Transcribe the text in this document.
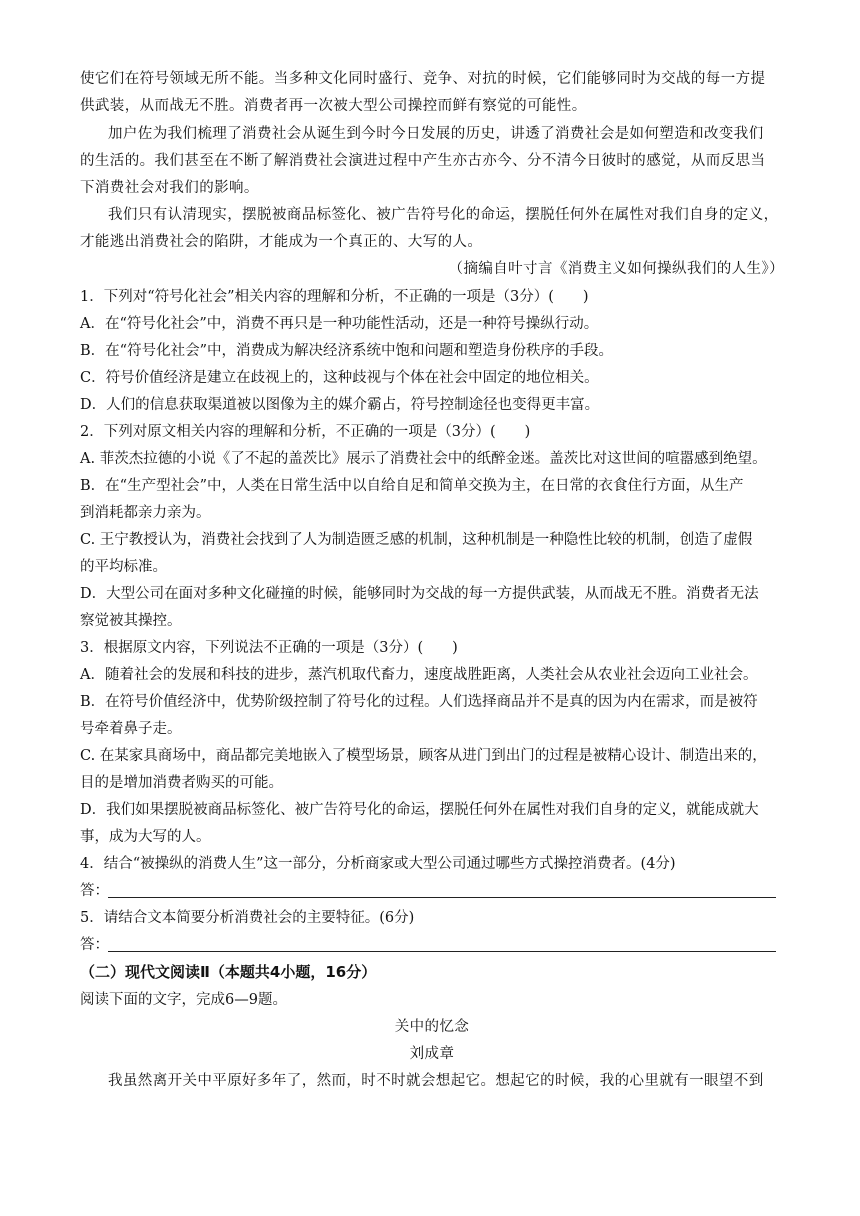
使它们在符号领域无所不能。当多种文化同时盛行、竞争、对抗的时候，它们能够同时为交战的每一方提
供武装，从而战无不胜。消费者再一次被大型公司操控而鲜有察觉的可能性。
加户佐为我们梳理了消费社会从诞生到今时今日发展的历史，讲透了消费社会是如何塑造和改变我们
的生活的。我们甚至在不断了解消费社会演进过程中产生亦古亦今、分不清今日彼时的感觉，从而反思当
下消费社会对我们的影响。
我们只有认清现实，摆脱被商品标签化、被广告符号化的命运，摆脱任何外在属性对我们自身的定义，
才能逃出消费社会的陷阱，才能成为一个真正的、大写的人。
（摘编自叶寸言《消费主义如何操纵我们的人生》）
1．下列对“符号化社会”相关内容的理解和分析，不正确的一项是（3分）(　　)
A．在“符号化社会”中，消费不再只是一种功能性活动，还是一种符号操纵行动。
B．在“符号化社会”中，消费成为解决经济系统中饱和问题和塑造身份秩序的手段。
C．符号价值经济是建立在歧视上的，这种歧视与个体在社会中固定的地位相关。
D．人们的信息获取渠道被以图像为主的媒介霸占，符号控制途径也变得更丰富。
2．下列对原文相关内容的理解和分析，不正确的一项是（3分）(　　)
A. 菲茨杰拉德的小说《了不起的盖茨比》展示了消费社会中的纸醉金迷。盖茨比对这世间的喧嚣感到绝望。
B．在“生产型社会”中，人类在日常生活中以自给自足和简单交换为主，在日常的衣食住行方面，从生产
到消耗都亲力亲为。
C. 王宁教授认为，消费社会找到了人为制造匮乏感的机制，这种机制是一种隐性比较的机制，创造了虚假
的平均标准。
D．大型公司在面对多种文化碰撞的时候，能够同时为交战的每一方提供武装，从而战无不胜。消费者无法
察觉被其操控。
3．根据原文内容，下列说法不正确的一项是（3分）(　　)
A．随着社会的发展和科技的进步，蒸汽机取代畜力，速度战胜距离，人类社会从农业社会迈向工业社会。
B．在符号价值经济中，优势阶级控制了符号化的过程。人们选择商品并不是真的因为内在需求，而是被符
号牵着鼻子走。
C. 在某家具商场中，商品都完美地嵌入了模型场景，顾客从进门到出门的过程是被精心设计、制造出来的，
目的是增加消费者购买的可能。
D．我们如果摆脱被商品标签化、被广告符号化的命运，摆脱任何外在属性对我们自身的定义，就能成就大
事，成为大写的人。
4．结合“被操纵的消费人生”这一部分，分析商家或大型公司通过哪些方式操控消费者。(4分)
答：
5．请结合文本简要分析消费社会的主要特征。(6分)
答：
（二）现代文阅读Ⅱ（本题共4小题，16分）
阅读下面的文字，完成6—9题。
关中的忆念
刘成章
我虽然离开关中平原好多年了，然而，时不时就会想起它。想起它的时候，我的心里就有一眼望不到
